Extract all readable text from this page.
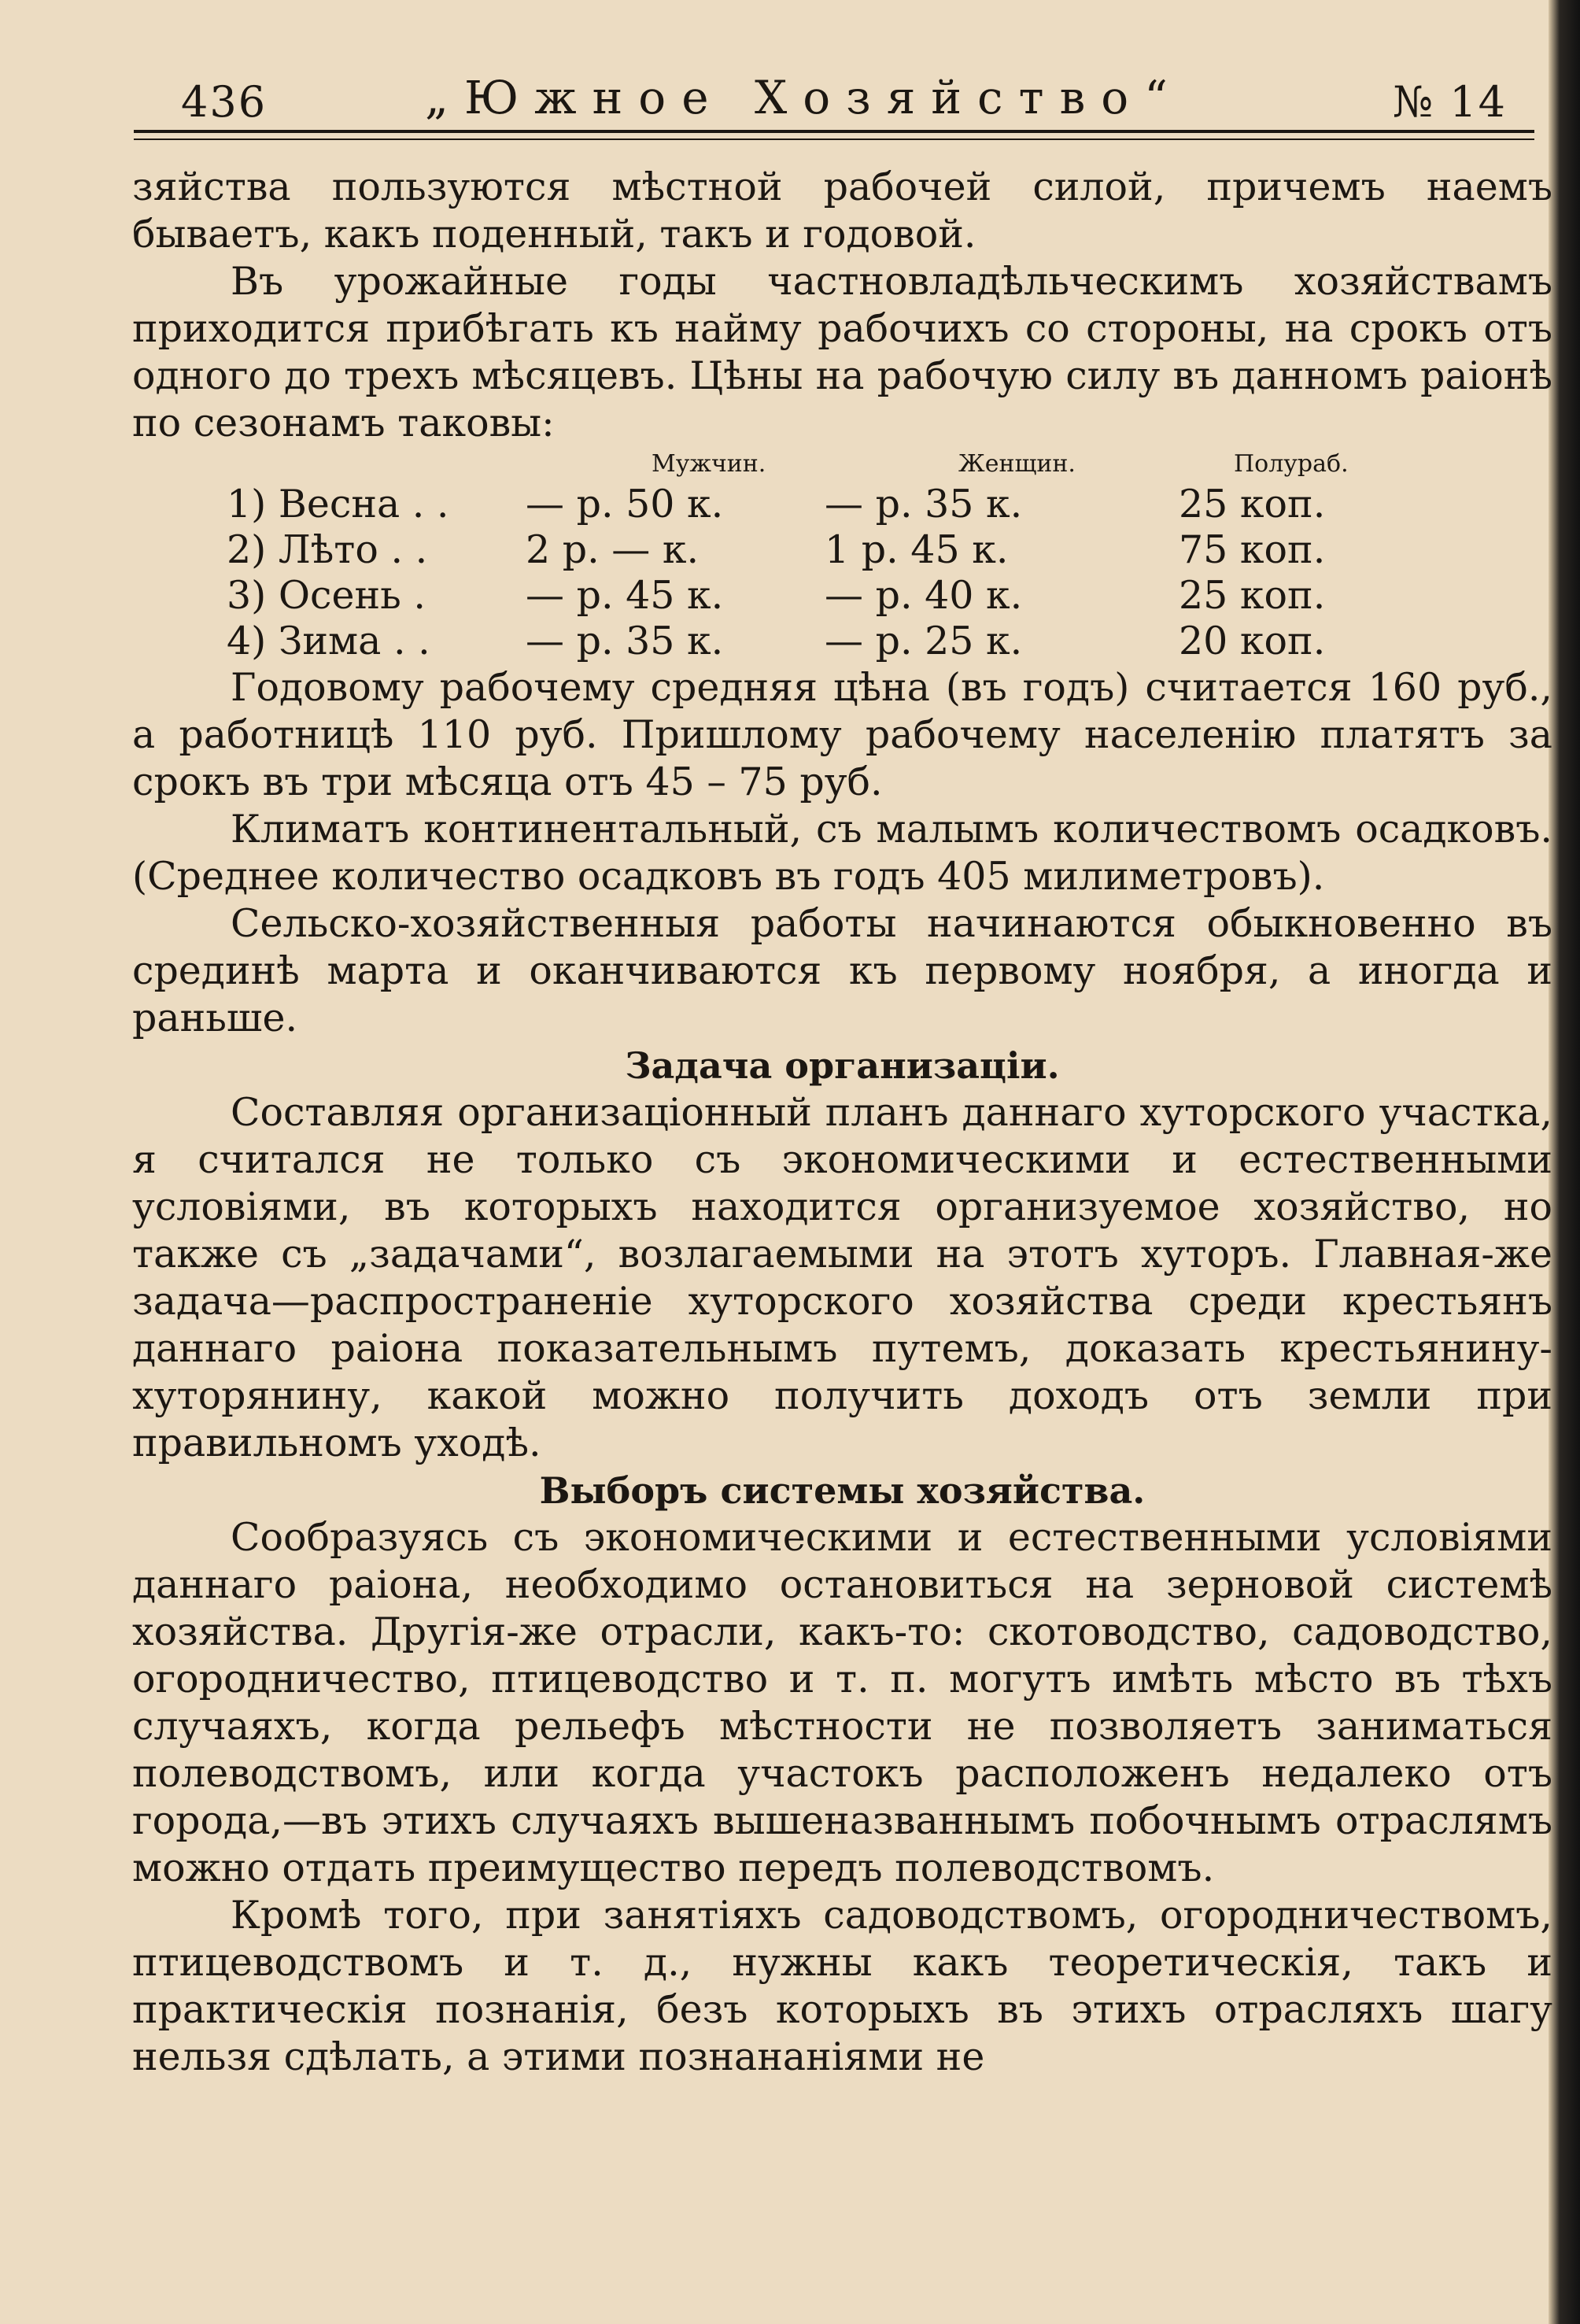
436	„Южное Хозяйство“	№ 14

зяйства пользуются мѣстной рабочей силой, причемъ наемъ бываетъ, какъ поденный, такъ и годовой.

Въ урожайные годы частновладѣльческимъ хозяйствамъ приходится прибѣгать къ найму рабочихъ со стороны, на срокъ отъ одного до трехъ мѣсяцевъ. Цѣны на рабочую силу въ данномъ раіонѣ по сезонамъ таковы:

		Мужчин.	Женщин.	Полураб.
	1) Весна . .	— р. 50 к.	— р. 35 к.	25 коп.
	2) Лѣто . .	2 р. — к.	1 р. 45 к.	75 коп.
	3) Осень .	— р. 45 к.	— р. 40 к.	25 коп.
	4) Зима . .	— р. 35 к.	— р. 25 к.	20 коп.

Годовому рабочему средняя цѣна (въ годъ) считается 160 руб., а работницѣ 110 руб. Пришлому рабочему населенію платятъ за срокъ въ три мѣсяца отъ 45 – 75 руб.

Климатъ континентальный, съ малымъ количествомъ осадковъ. (Среднее количество осадковъ въ годъ 405 милиметровъ).

Сельско-хозяйственныя работы начинаются обыкновенно въ срединѣ марта и оканчиваются къ первому ноября, а иногда и раньше.

Задача организаціи.

Составляя организаціонный планъ даннаго хуторского участка, я считался не только съ экономическими и естественными условіями, въ которыхъ находится организуемое хозяйство, но также съ „задачами“, возлагаемыми на этотъ хуторъ. Главная-же задача—распространеніе хуторского хозяйства среди крестьянъ даннаго раіона показательнымъ путемъ, доказать крестьянину-хуторянину, какой можно получить доходъ отъ земли при правильномъ уходѣ.

Выборъ системы хозяйства.

Сообразуясь съ экономическими и естественными условіями даннаго раіона, необходимо остановиться на зерновой системѣ хозяйства. Другія-же отрасли, какъ-то: скотоводство, садоводство, огородничество, птицеводство и т. п. могутъ имѣть мѣсто въ тѣхъ случаяхъ, когда рельефъ мѣстности не позволяетъ заниматься полеводствомъ, или когда участокъ расположенъ недалеко отъ города,—въ этихъ случаяхъ вышеназваннымъ побочнымъ отраслямъ можно отдать преимущество передъ полеводствомъ.

Кромѣ того, при занятіяхъ садоводствомъ, огородничествомъ, птицеводствомъ и т. д., нужны какъ теоретическія, такъ и практическія познанія, безъ которыхъ въ этихъ отрасляхъ шагу нельзя сдѣлать, а этими познананіями не
